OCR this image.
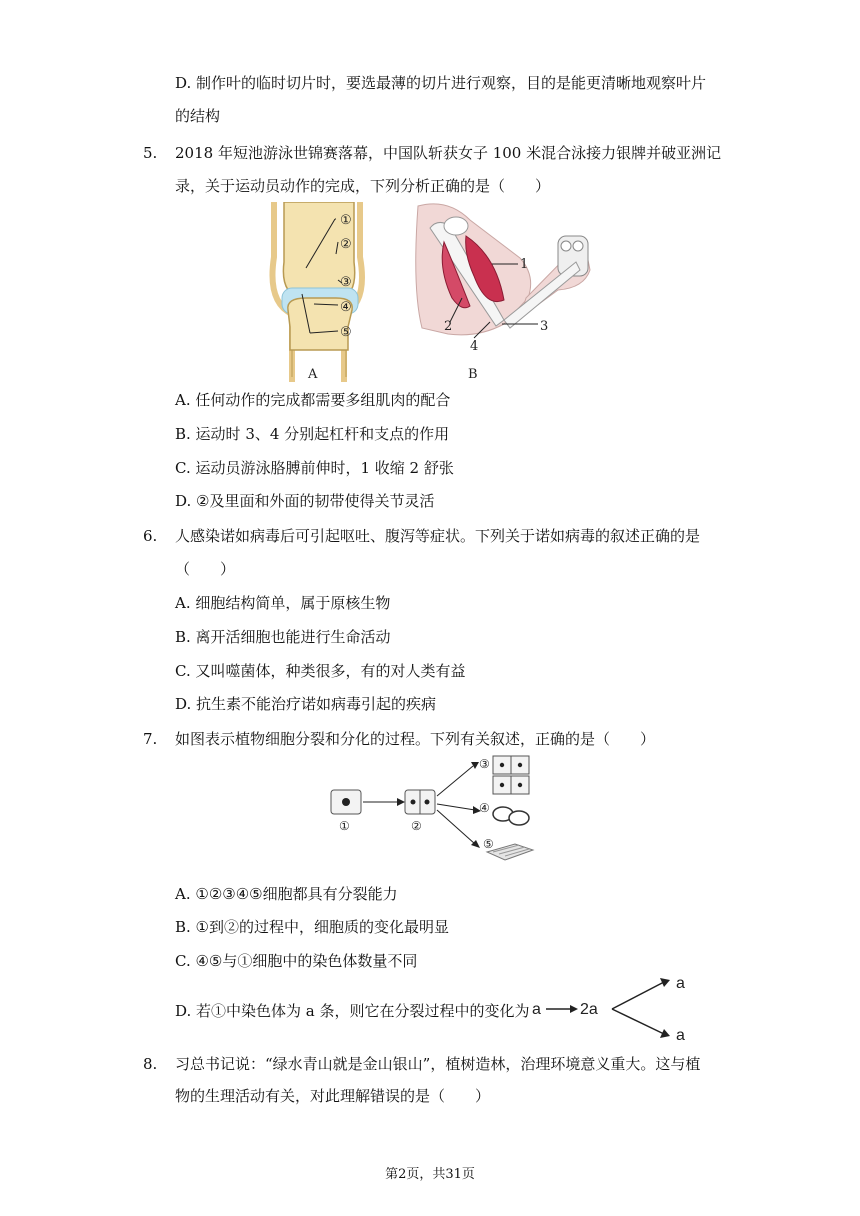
D. 制作叶的临时切片时，要选最薄的切片进行观察，目的是能更清晰地观察叶片
的结构
5. 2018 年短池游泳世锦赛落幕，中国队斩获女子 100 米混合泳接力银牌并破亚洲记
录，关于运动员动作的完成，下列分析正确的是（　　）
①
②
③
④
⑤
A
1
2	3
4
B
A. 任何动作的完成都需要多组肌肉的配合
B. 运动时 3、4 分别起杠杆和支点的作用
C. 运动员游泳胳膊前伸时，1 收缩 2 舒张
D. ②及里面和外面的韧带使得关节灵活
6. 人感染诺如病毒后可引起呕吐、腹泻等症状。下列关于诺如病毒的叙述正确的是
（　　）
A. 细胞结构简单，属于原核生物
B. 离开活细胞也能进行生命活动
C. 又叫噬菌体，种类很多，有的对人类有益
D. 抗生素不能治疗诺如病毒引起的疾病
7. 如图表示植物细胞分裂和分化的过程。下列有关叙述，正确的是（　　）
①	②
③
④
⑤
A. ①②③④⑤细胞都具有分裂能力
B. ①到②的过程中，细胞质的变化最明显
C. ④⑤与①细胞中的染色体数量不同
D. 若①中染色体为 a 条，则它在分裂过程中的变化为 a 2a
a
a
8. 习总书记说：“绿水青山就是金山银山”，植树造林，治理环境意义重大。这与植
物的生理活动有关，对此理解错误的是（　　）
第2页，共31页
